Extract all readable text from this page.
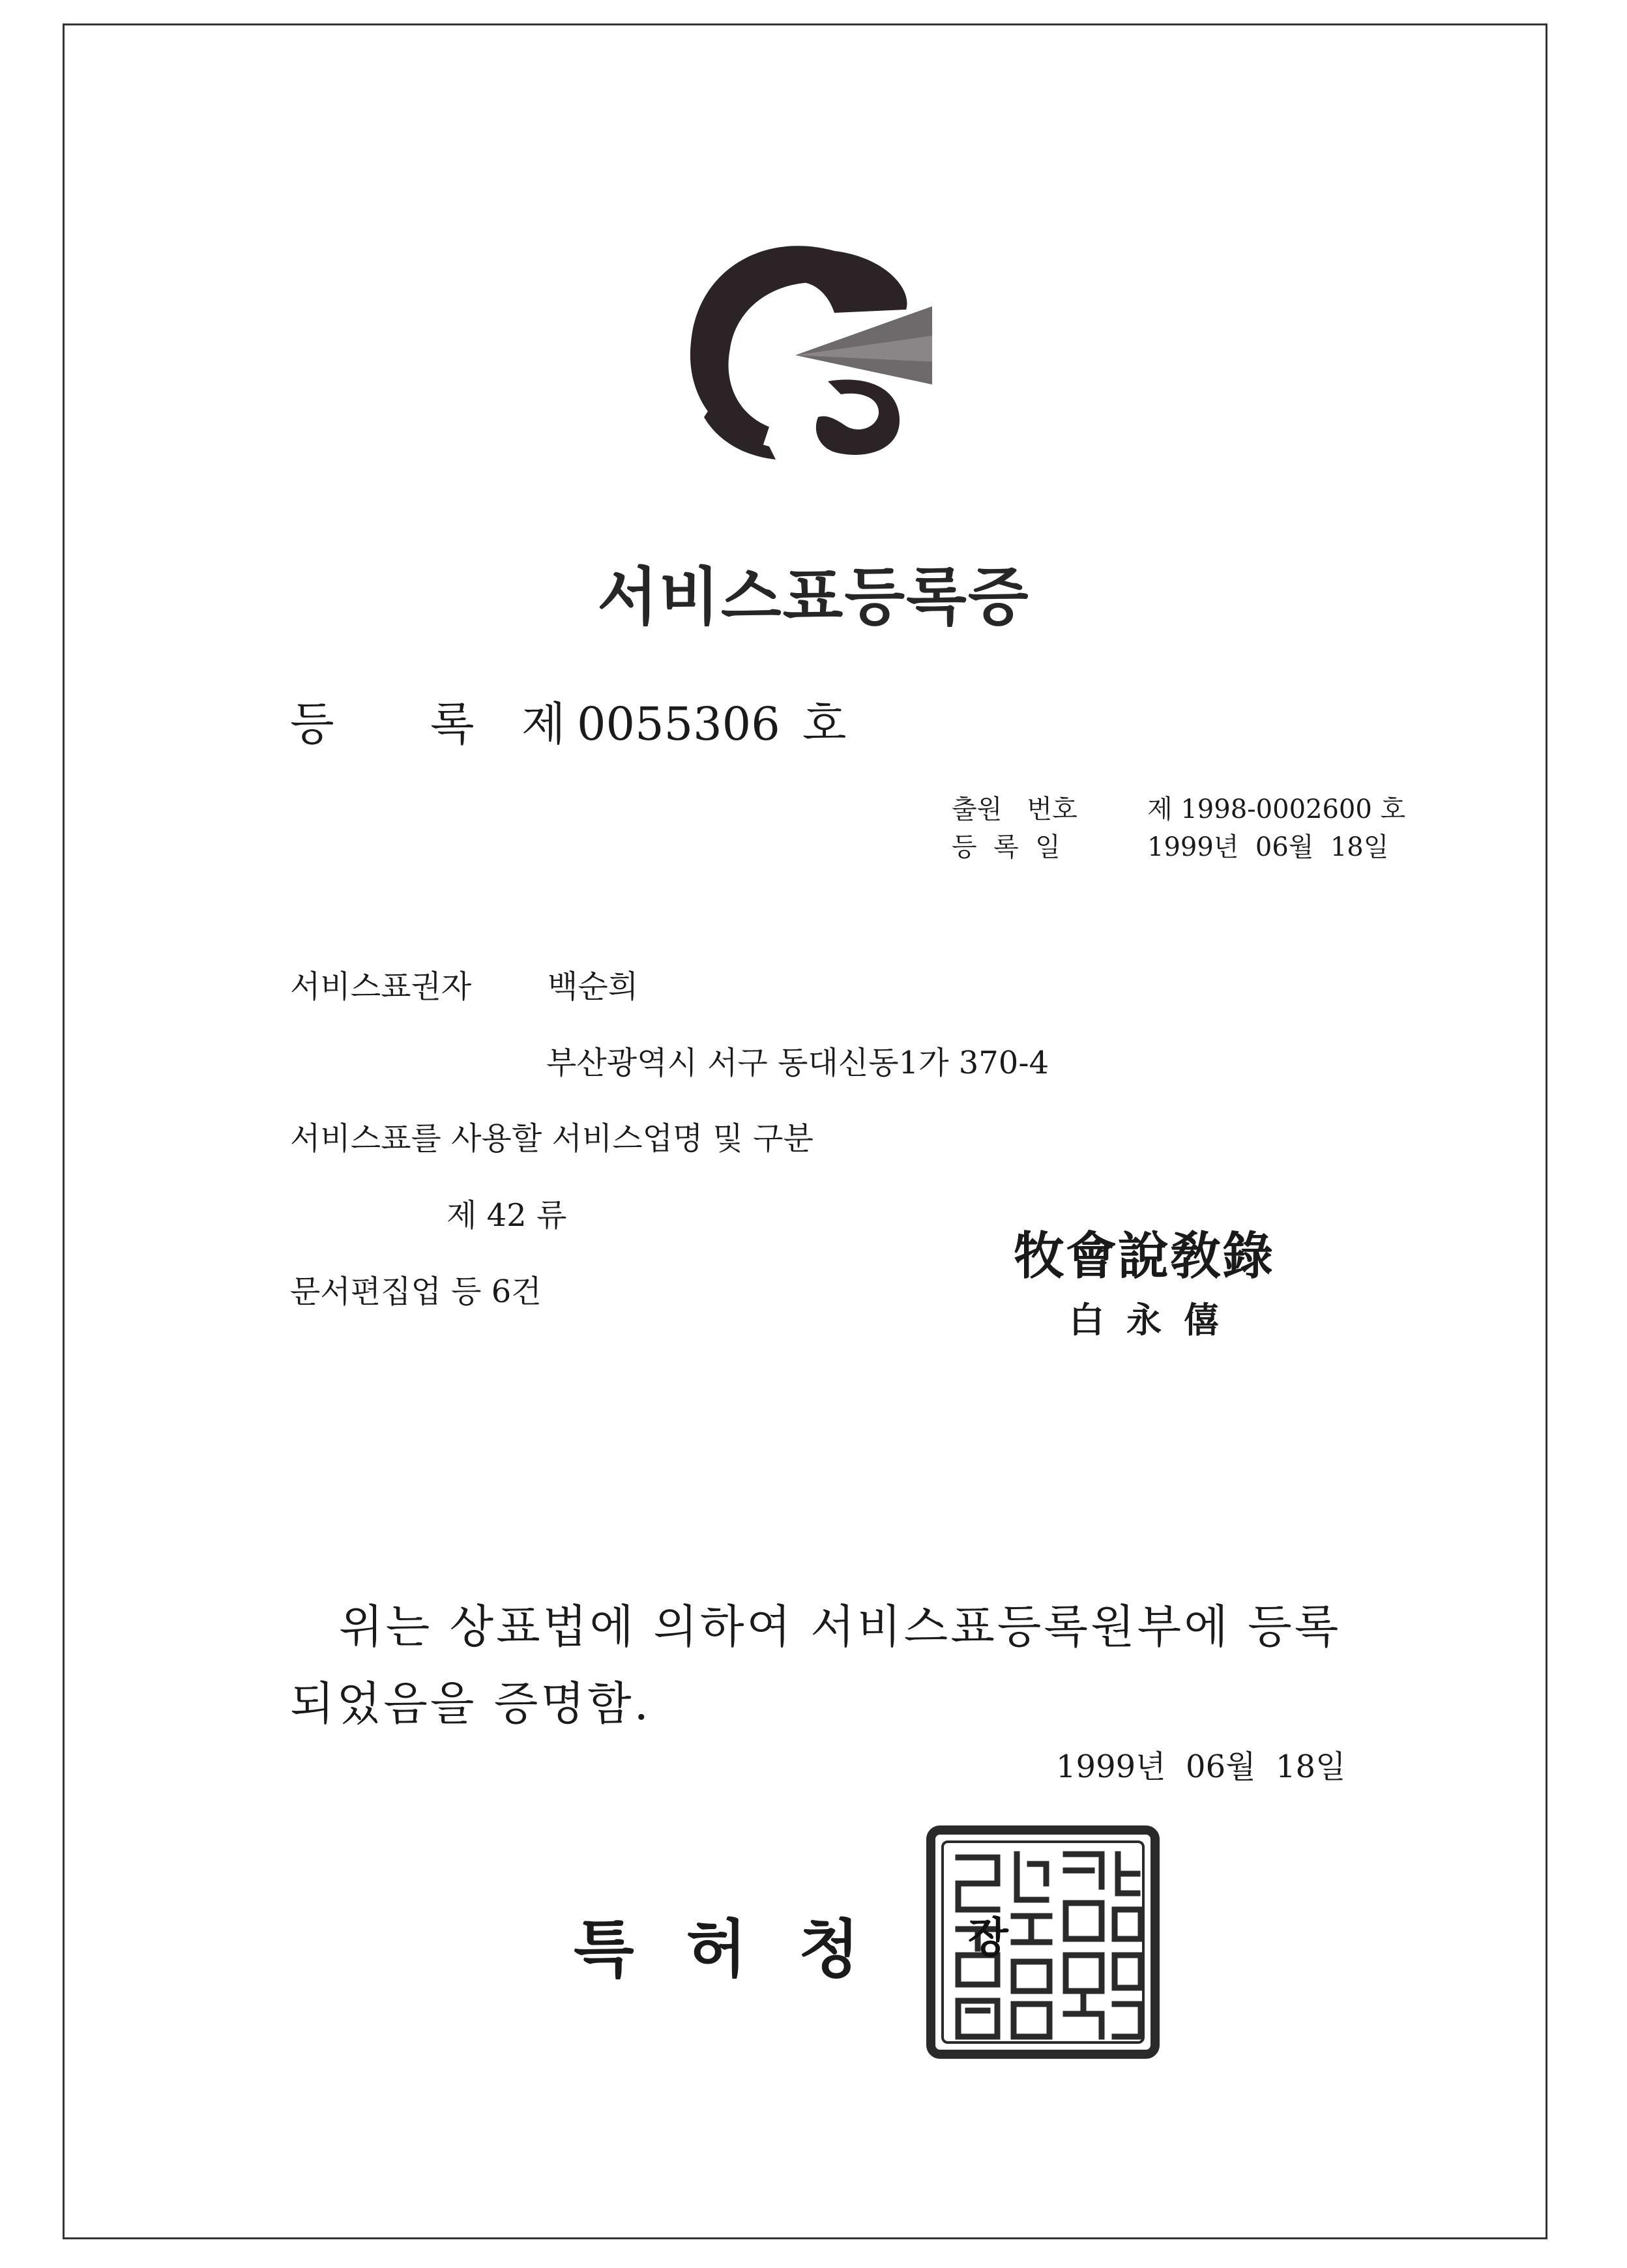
서비스표등록증
등 록 제 0055306 호
출원   번호	제 1998-0002600 호
등  록  일	1999년  06월  18일
서비스표권자 백순희
부산광역시 서구 동대신동1가 370-4
서비스표를 사용할 서비스업명 및 구분
제 42 류
문서편집업 등 6건
牧會說敎錄
白永僖
위는 상표법에 의하여 서비스표등록원부에 등록
되었음을 증명함.
1999년  06월  18일
특허청 장
